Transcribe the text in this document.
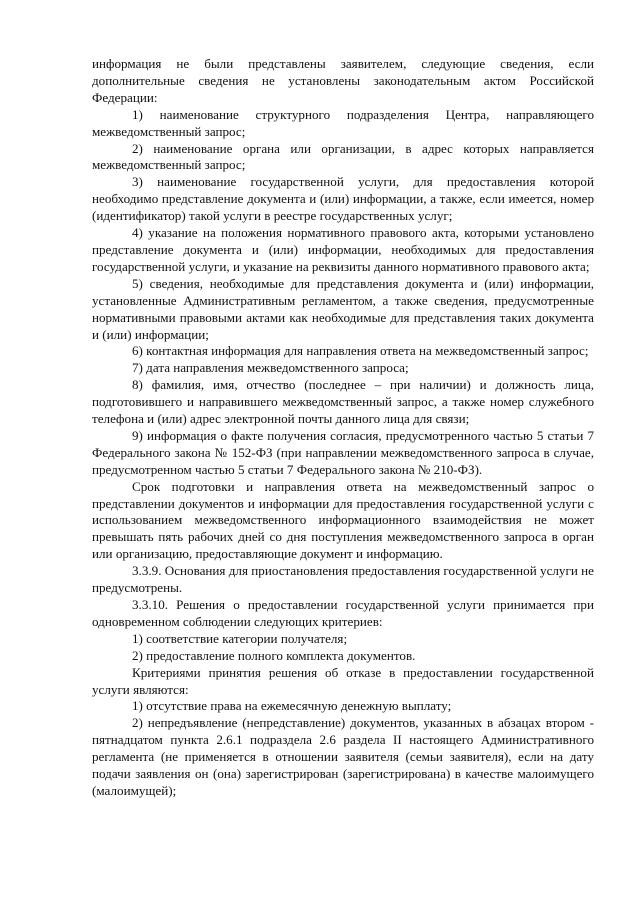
информация не были представлены заявителем, следующие сведения, если дополнительные сведения не установлены законодательным актом Российской Федерации:

1) наименование структурного подразделения Центра, направляющего межведомственный запрос;

2) наименование органа или организации, в адрес которых направляется межведомственный запрос;

3) наименование государственной услуги, для предоставления которой необходимо представление документа и (или) информации, а также, если имеется, номер (идентификатор) такой услуги в реестре государственных услуг;

4) указание на положения нормативного правового акта, которыми установлено представление документа и (или) информации, необходимых для предоставления государственной услуги, и указание на реквизиты данного нормативного правового акта;

5) сведения, необходимые для представления документа и (или) информации, установленные Административным регламентом, а также сведения, предусмотренные нормативными правовыми актами как необходимые для представления таких документа и (или) информации;

6) контактная информация для направления ответа на межведомственный запрос;

7) дата направления межведомственного запроса;

8) фамилия, имя, отчество (последнее – при наличии) и должность лица, подготовившего и направившего межведомственный запрос, а также номер служебного телефона и (или) адрес электронной почты данного лица для связи;

9) информация о факте получения согласия, предусмотренного частью 5 статьи 7 Федерального закона № 152-ФЗ (при направлении межведомственного запроса в случае, предусмотренном частью 5 статьи 7 Федерального закона № 210-ФЗ).

Срок подготовки и направления ответа на межведомственный запрос о представлении документов и информации для предоставления государственной услуги с использованием межведомственного информационного взаимодействия не может превышать пять рабочих дней со дня поступления межведомственного запроса в орган или организацию, предоставляющие документ и информацию.

3.3.9. Основания для приостановления предоставления государственной услуги не предусмотрены.

3.3.10. Решения о предоставлении государственной услуги принимается при одновременном соблюдении следующих критериев:

1) соответствие категории получателя;

2) предоставление полного комплекта документов.

Критериями принятия решения об отказе в предоставлении государственной услуги являются:

1) отсутствие права на ежемесячную денежную выплату;

2) непредъявление (непредставление) документов, указанных в абзацах втором - пятнадцатом пункта 2.6.1 подраздела 2.6 раздела II настоящего Административного регламента (не применяется в отношении заявителя (семьи заявителя), если на дату подачи заявления он (она) зарегистрирован (зарегистрирована) в качестве малоимущего (малоимущей);
